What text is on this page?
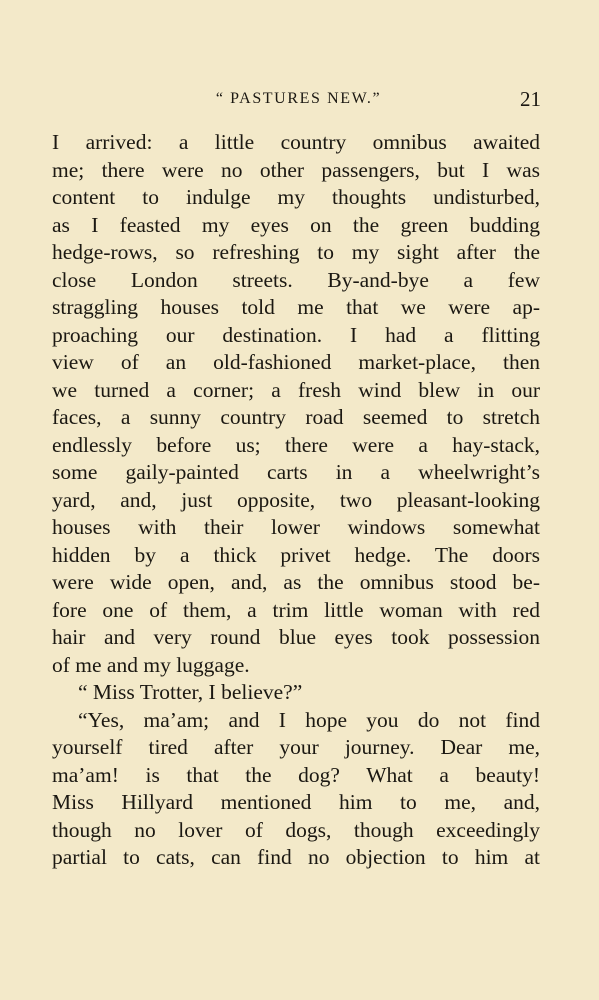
“ PASTURES NEW.”	21
I arrived: a little country omnibus awaited
me; there were no other passengers, but I was
content to indulge my thoughts undisturbed,
as I feasted my eyes on the green budding
hedge-rows, so refreshing to my sight after the
close London streets. By-and-bye a few
straggling houses told me that we were ap-
proaching our destination. I had a flitting
view of an old-fashioned market-place, then
we turned a corner; a fresh wind blew in our
faces, a sunny country road seemed to stretch
endlessly before us; there were a hay-stack,
some gaily-painted carts in a wheelwright’s
yard, and, just opposite, two pleasant-looking
houses with their lower windows somewhat
hidden by a thick privet hedge. The doors
were wide open, and, as the omnibus stood be-
fore one of them, a trim little woman with red
hair and very round blue eyes took possession
of me and my luggage.
“ Miss Trotter, I believe?”
“Yes, ma’am; and I hope you do not find
yourself tired after your journey. Dear me,
ma’am! is that the dog? What a beauty!
Miss Hillyard mentioned him to me, and,
though no lover of dogs, though exceedingly
partial to cats, can find no objection to him at
